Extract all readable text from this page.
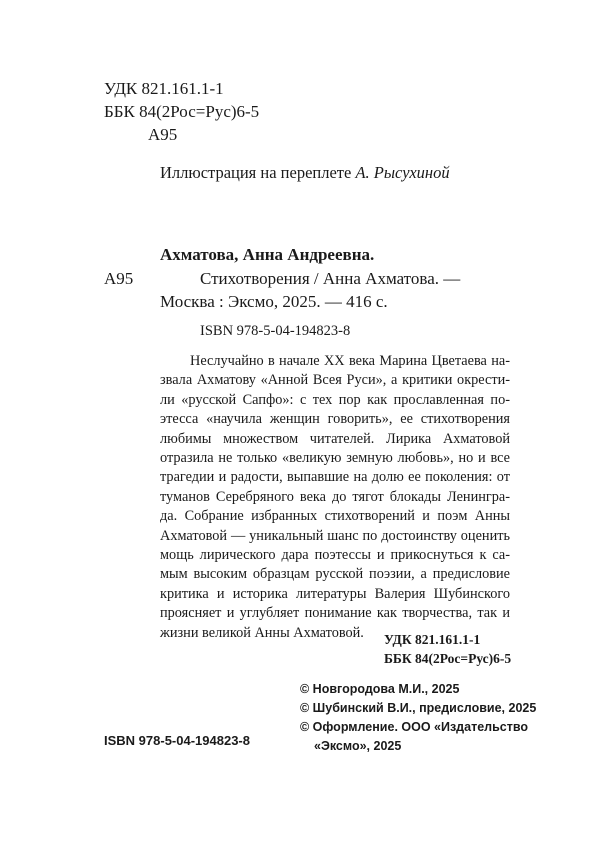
УДК 821.161.1-1
ББК 84(2Рос=Рус)6-5
А95
Иллюстрация на переплете А. Рысухиной
Ахматова, Анна Андреевна.
А95	Стихотворения / Анна Ахматова. —
Москва : Эксмо, 2025. — 416 с.
ISBN 978-5-04-194823-8
Неслучайно в начале XX века Марина Цветаева на-
звала Ахматову «Анной Всея Руси», а критики окрести-
ли «русской Сапфо»: с тех пор как прославленная по-
этесса «научила женщин говорить», ее стихотворения
любимы множеством читателей. Лирика Ахматовой
отразила не только «великую земную любовь», но и все
трагедии и радости, выпавшие на долю ее поколения: от
туманов Серебряного века до тягот блокады Ленингра-
да. Собрание избранных стихотворений и поэм Анны
Ахматовой — уникальный шанс по достоинству оценить
мощь лирического дара поэтессы и прикоснуться к са-
мым высоким образцам русской поэзии, а предисловие
критика и историка литературы Валерия Шубинского
проясняет и углубляет понимание как творчества, так и
жизни великой Анны Ахматовой.	УДК 821.161.1-1
ББК 84(2Рос=Рус)6-5
© Новгородова М.И., 2025
© Шубинский В.И., предисловие, 2025
© Оформление. ООО «Издательство
«Эксмо», 2025
ISBN 978-5-04-194823-8
